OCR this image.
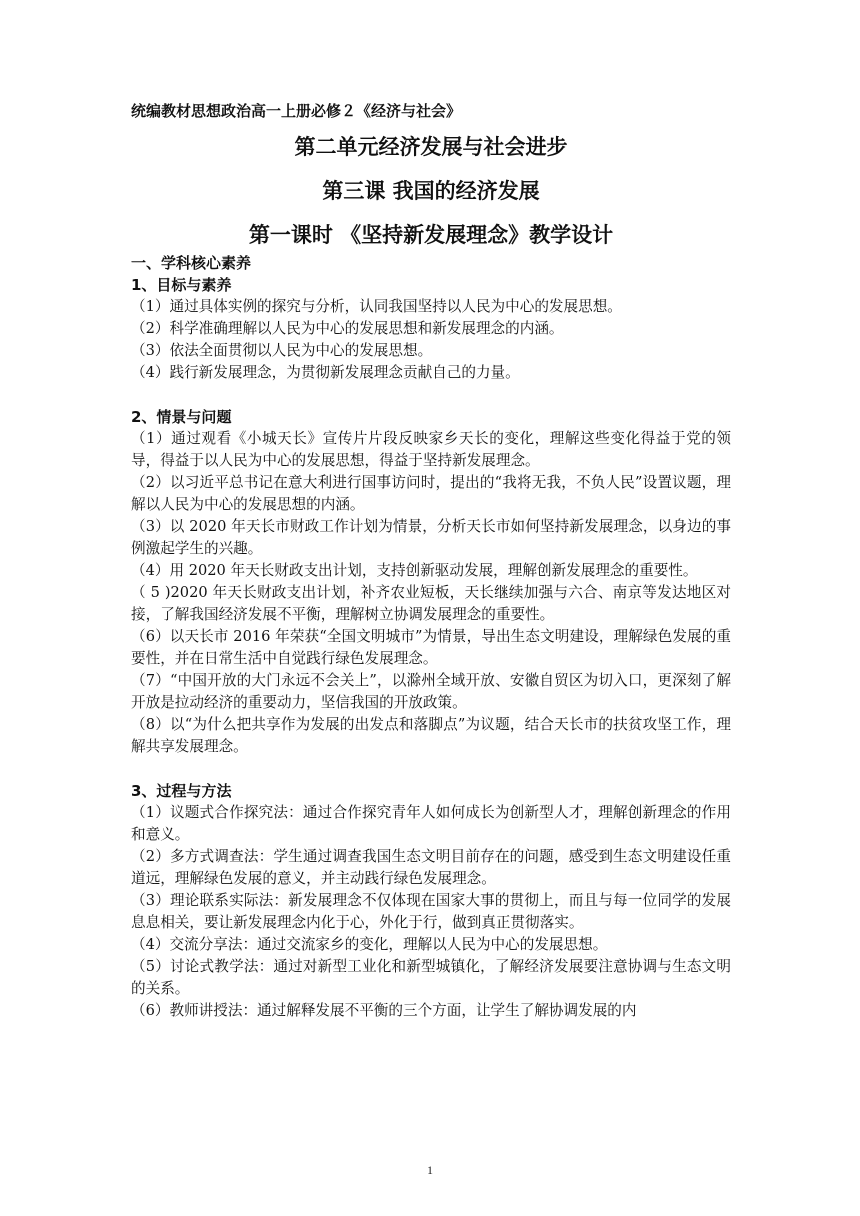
统编教材思想政治高一上册必修２《经济与社会》
第二单元经济发展与社会进步
第三课 我国的经济发展
第一课时 《坚持新发展理念》教学设计
一、学科核心素养
1、目标与素养

（1）通过具体实例的探究与分析，认同我国坚持以人民为中心的发展思想。

（2）科学准确理解以人民为中心的发展思想和新发展理念的内涵。

（3）依法全面贯彻以人民为中心的发展思想。

（4）践行新发展理念，为贯彻新发展理念贡献自己的力量。

2、情景与问题

（1）通过观看《小城天长》宣传片片段反映家乡天长的变化，理解这些变化得益于党的领导，得益于以人民为中心的发展思想，得益于坚持新发展理念。

（2）以习近平总书记在意大利进行国事访问时，提出的“我将无我，不负人民”设置议题，理解以人民为中心的发展思想的内涵。

（3）以 2020 年天长市财政工作计划为情景，分析天长市如何坚持新发展理念，以身边的事例激起学生的兴趣。

（4）用 2020 年天长财政支出计划，支持创新驱动发展，理解创新发展理念的重要性。

（ 5 )2020 年天长财政支出计划，补齐农业短板，天长继续加强与六合、南京等发达地区对接，了解我国经济发展不平衡，理解树立协调发展理念的重要性。

（6）以天长市 2016 年荣获“全国文明城市”为情景，导出生态文明建设，理解绿色发展的重要性，并在日常生活中自觉践行绿色发展理念。

（7）“中国开放的大门永远不会关上”，以滁州全域开放、安徽自贸区为切入口，更深刻了解开放是拉动经济的重要动力，坚信我国的开放政策。

（8）以“为什么把共享作为发展的出发点和落脚点”为议题，结合天长市的扶贫攻坚工作，理解共享发展理念。

3、过程与方法

（1）议题式合作探究法：通过合作探究青年人如何成长为创新型人才，理解创新理念的作用和意义。

（2）多方式调查法：学生通过调查我国生态文明目前存在的问题，感受到生态文明建设任重道远，理解绿色发展的意义，并主动践行绿色发展理念。

（3）理论联系实际法：新发展理念不仅体现在国家大事的贯彻上，而且与每一位同学的发展息息相关，要让新发展理念内化于心，外化于行，做到真正贯彻落实。

（4）交流分享法：通过交流家乡的变化，理解以人民为中心的发展思想。

（5）讨论式教学法：通过对新型工业化和新型城镇化，了解经济发展要注意协调与生态文明的关系。

（6）教师讲授法：通过解释发展不平衡的三个方面，让学生了解协调发展的内

1
